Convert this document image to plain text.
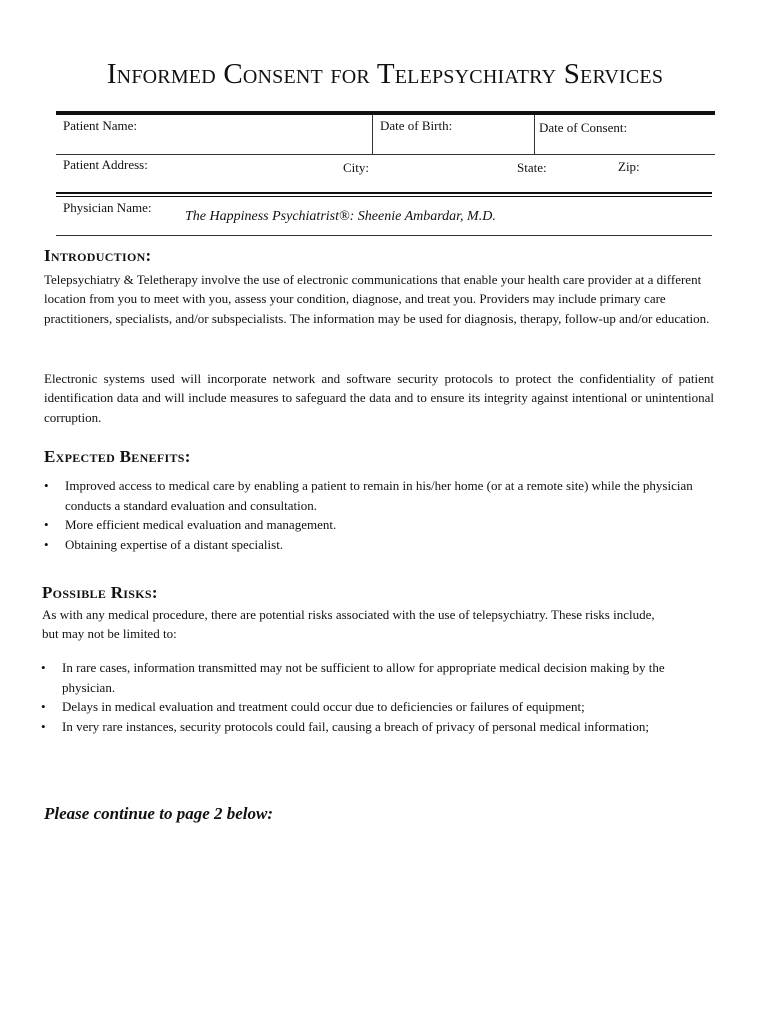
Informed Consent for Telepsychiatry Services
Patient Name:	Date of Birth:	Date of Consent:
Patient Address:	City:	State:	Zip:
Physician Name:
The Happiness Psychiatrist®: Sheenie Ambardar, M.D.
Introduction:
Telepsychiatry & Teletherapy involve the use of electronic communications that enable your health care provider at a different location from you to meet with you, assess your condition, diagnose, and treat you. Providers may include primary care practitioners, specialists, and/or subspecialists. The information may be used for diagnosis, therapy, follow-up and/or education.
Electronic systems used will incorporate network and software security protocols to protect the confidentiality of patient identification data and will include measures to safeguard the data and to ensure its integrity against intentional or unintentional corruption.
Expected Benefits:
• Improved access to medical care by enabling a patient to remain in his/her home (or at a remote site) while the physician conducts a standard evaluation and consultation.
• More efficient medical evaluation and management.
• Obtaining expertise of a distant specialist.
Possible Risks:
As with any medical procedure, there are potential risks associated with the use of telepsychiatry. These risks include, but may not be limited to:
• In rare cases, information transmitted may not be sufficient to allow for appropriate medical decision making by the physician.
• Delays in medical evaluation and treatment could occur due to deficiencies or failures of equipment;
• In very rare instances, security protocols could fail, causing a breach of privacy of personal medical information;
Please continue to page 2 below:
